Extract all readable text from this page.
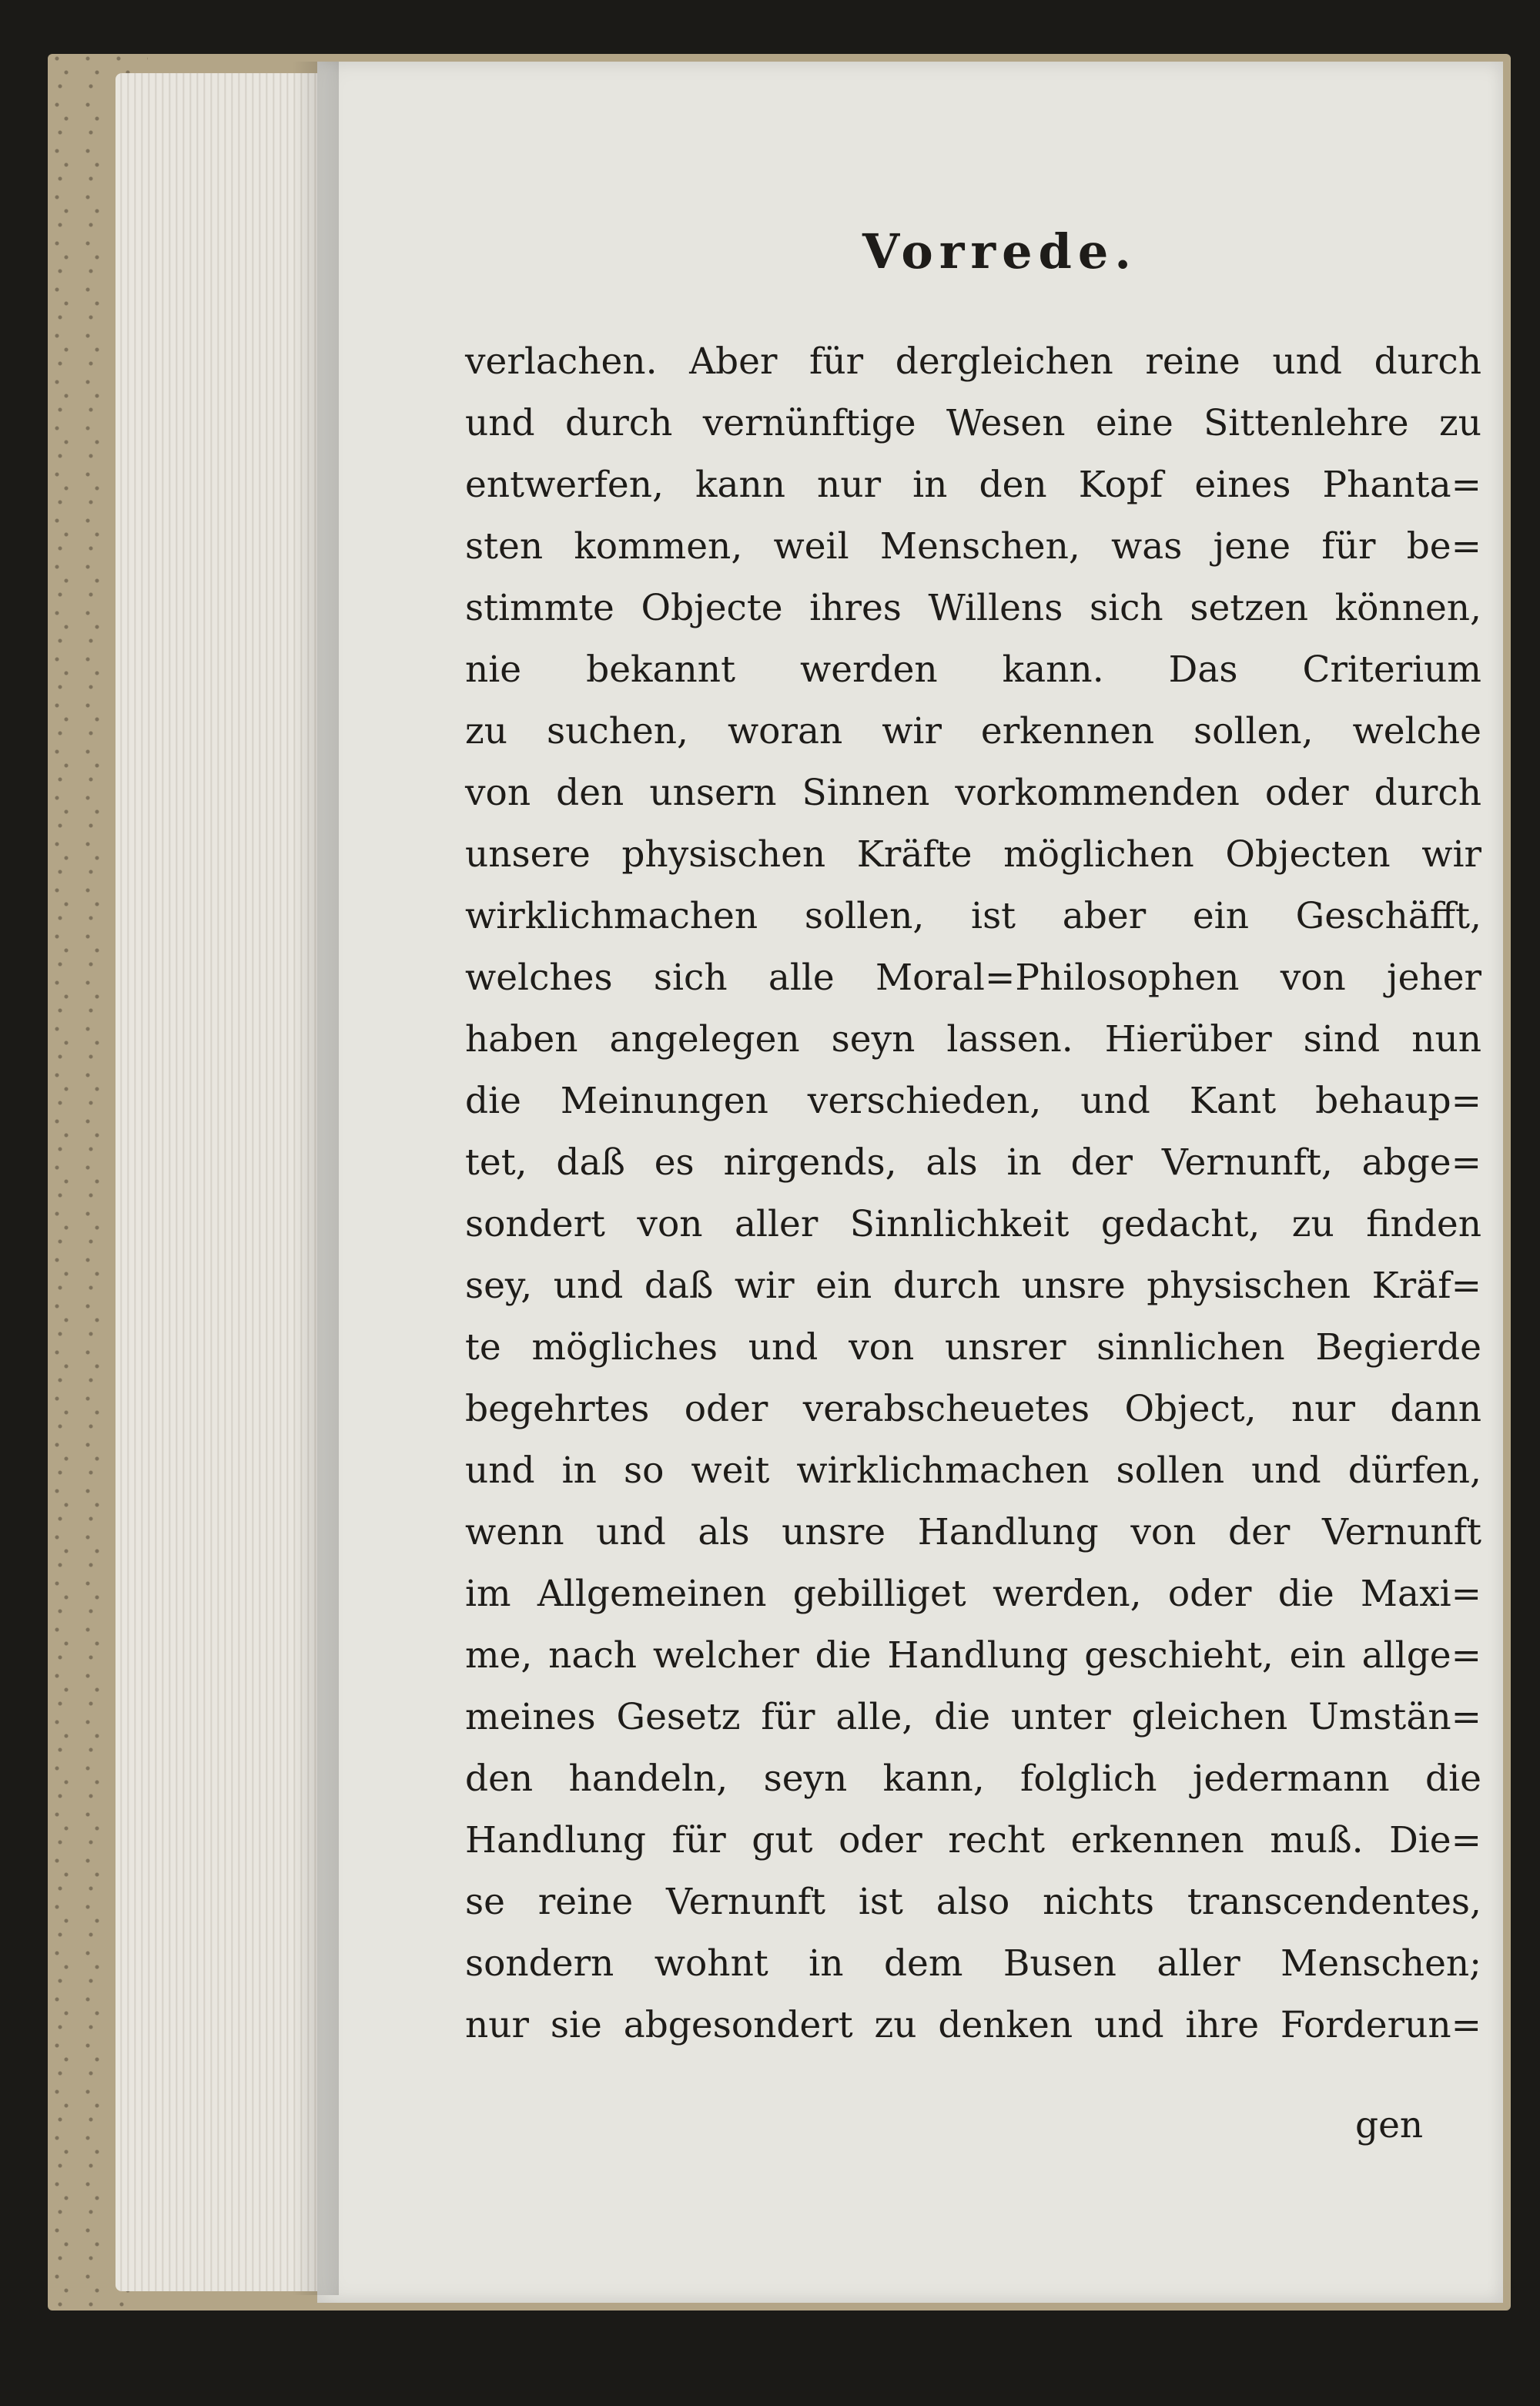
Vorrede.
verlachen. Aber für dergleichen reine und durch
und durch vernünftige Wesen eine Sittenlehre zu
entwerfen, kann nur in den Kopf eines Phanta=
sten kommen, weil Menschen, was jene für be=
stimmte Objecte ihres Willens sich setzen können,
nie bekannt werden kann. Das Criterium
zu suchen, woran wir erkennen sollen, welche
von den unsern Sinnen vorkommenden oder durch
unsere physischen Kräfte möglichen Objecten wir
wirklichmachen sollen, ist aber ein Geschäfft,
welches sich alle Moral=Philosophen von jeher
haben angelegen seyn lassen. Hierüber sind nun
die Meinungen verschieden, und Kant behaup=
tet, daß es nirgends, als in der Vernunft, abge=
sondert von aller Sinnlichkeit gedacht, zu finden
sey, und daß wir ein durch unsre physischen Kräf=
te mögliches und von unsrer sinnlichen Begierde
begehrtes oder verabscheuetes Object, nur dann
und in so weit wirklichmachen sollen und dürfen,
wenn und als unsre Handlung von der Vernunft
im Allgemeinen gebilliget werden, oder die Maxi=
me, nach welcher die Handlung geschieht, ein allge=
meines Gesetz für alle, die unter gleichen Umstän=
den handeln, seyn kann, folglich jedermann die
Handlung für gut oder recht erkennen muß. Die=
se reine Vernunft ist also nichts transcendentes,
sondern wohnt in dem Busen aller Menschen;
nur sie abgesondert zu denken und ihre Forderun=
gen
